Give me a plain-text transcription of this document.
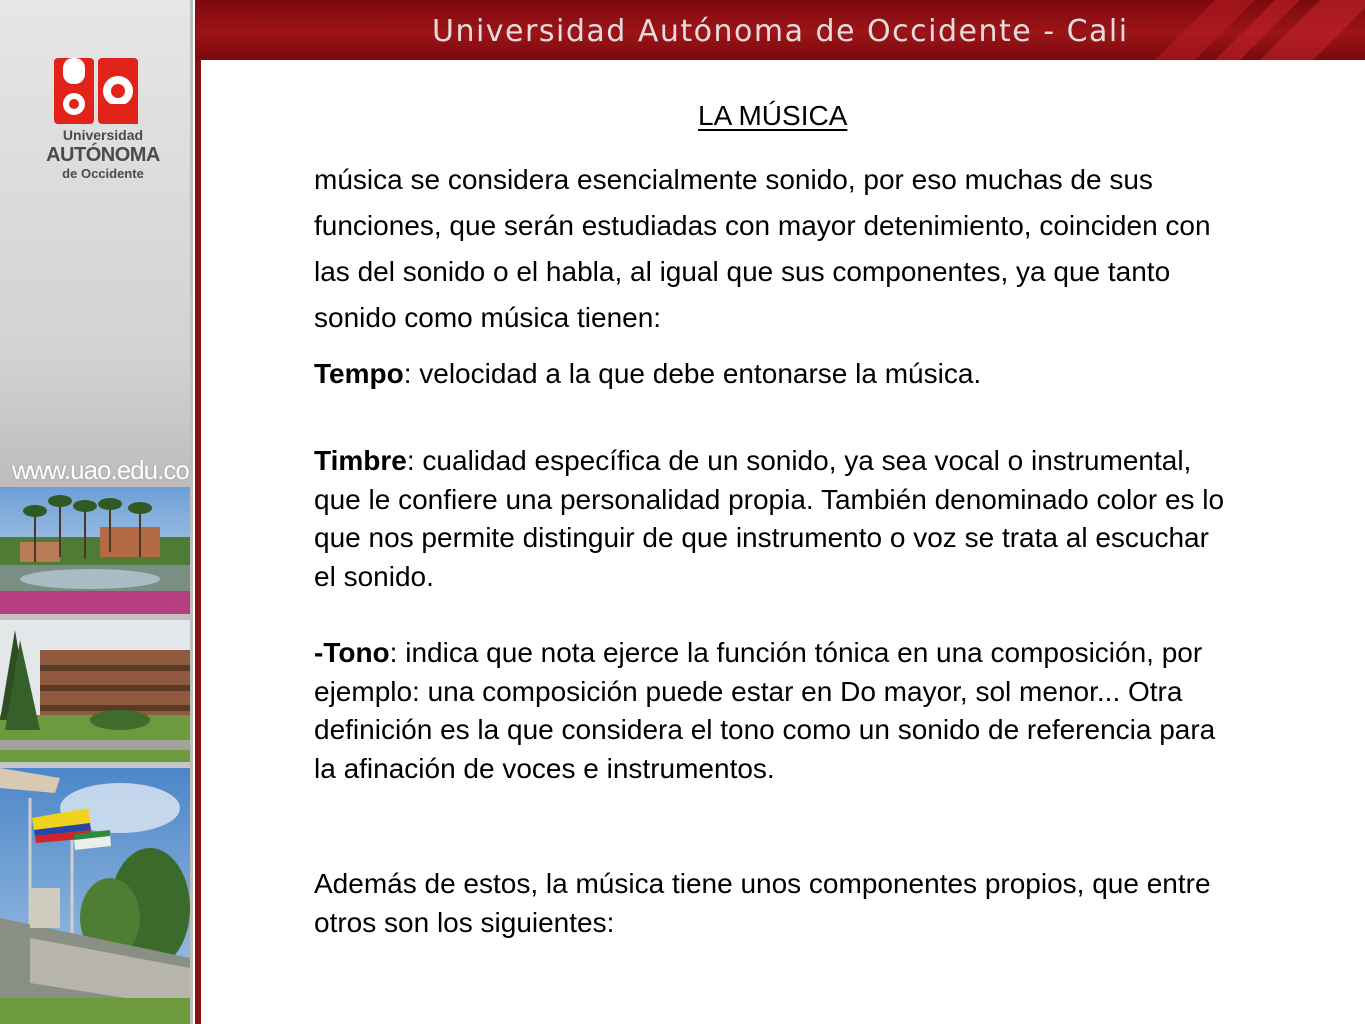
Universidad
AUTÓNOMA
de Occidente
www.uao.edu.co
Universidad Autónoma de Occidente - Cali
LA MÚSICA

música se considera esencialmente sonido, por eso muchas de sus funciones, que serán estudiadas con mayor detenimiento, coinciden con las del sonido o el habla, al igual que sus componentes, ya que tanto sonido como música tienen:

Tempo: velocidad a la que debe entonarse la música.

Timbre: cualidad específica de un sonido, ya sea vocal o instrumental, que le confiere una personalidad propia. También denominado color es lo que nos permite distinguir de que instrumento o voz se trata al escuchar el sonido.

-Tono: indica que nota ejerce la función tónica en una composición, por ejemplo: una composición puede estar en Do mayor, sol menor... Otra definición es la que considera el tono como un sonido de referencia para la afinación de voces e instrumentos.

Además de estos, la música tiene unos componentes propios, que entre otros son los siguientes:
